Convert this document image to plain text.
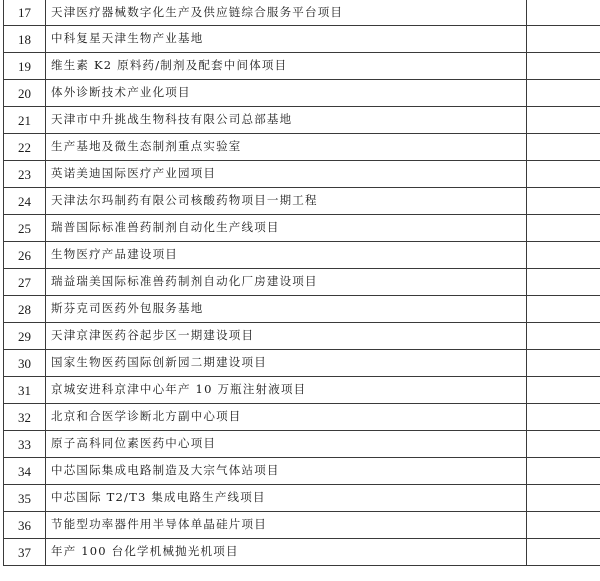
17	天津医疗器械数字化生产及供应链综合服务平台项目	
18	中科复星天津生物产业基地	
19	维生素 K2 原料药/制剂及配套中间体项目	
20	体外诊断技术产业化项目	
21	天津市中升挑战生物科技有限公司总部基地	
22	生产基地及微生态制剂重点实验室	
23	英诺美迪国际医疗产业园项目	
24	天津法尔玛制药有限公司核酸药物项目一期工程	
25	瑞普国际标准兽药制剂自动化生产线项目	
26	生物医疗产品建设项目	
27	瑞益瑞美国际标准兽药制剂自动化厂房建设项目	
28	斯芬克司医药外包服务基地	
29	天津京津医药谷起步区一期建设项目	
30	国家生物医药国际创新园二期建设项目	
31	京城安进科京津中心年产 10 万瓶注射液项目	
32	北京和合医学诊断北方副中心项目	
33	原子高科同位素医药中心项目	
34	中芯国际集成电路制造及大宗气体站项目	
35	中芯国际 T2/T3 集成电路生产线项目	
36	节能型功率器件用半导体单晶硅片项目	
37	年产 100 台化学机械抛光机项目	
